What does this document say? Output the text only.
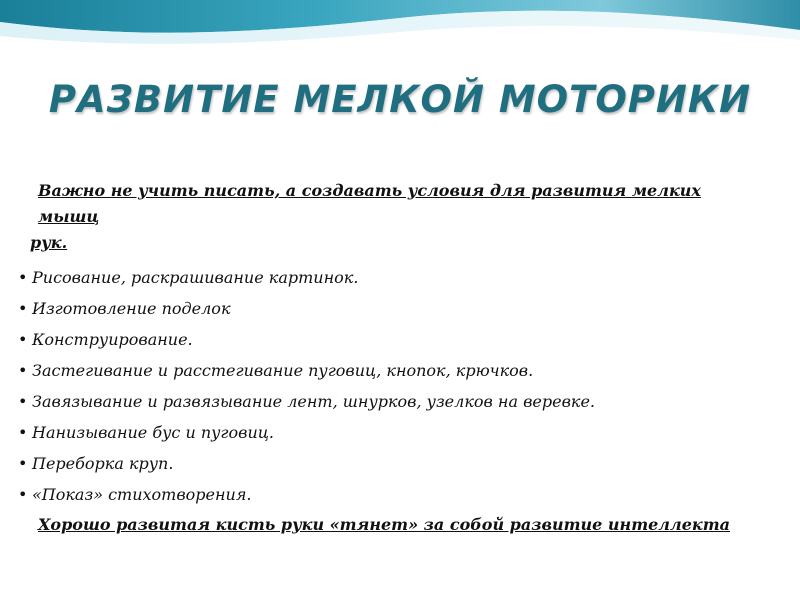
РАЗВИТИЕ МЕЛКОЙ МОТОРИКИ
Важно не учить писать, а создавать условия для развития мелких мышц
рук.
• Рисование, раскрашивание картинок.
• Изготовление поделок
• Конструирование.
• Застегивание и расстегивание пуговиц, кнопок, крючков.
• Завязывание и развязывание лент, шнурков, узелков на веревке.
• Нанизывание бус и пуговиц.
• Переборка круп.
• «Показ» стихотворения.
Хорошо развитая кисть руки «тянет» за собой развитие интеллекта
